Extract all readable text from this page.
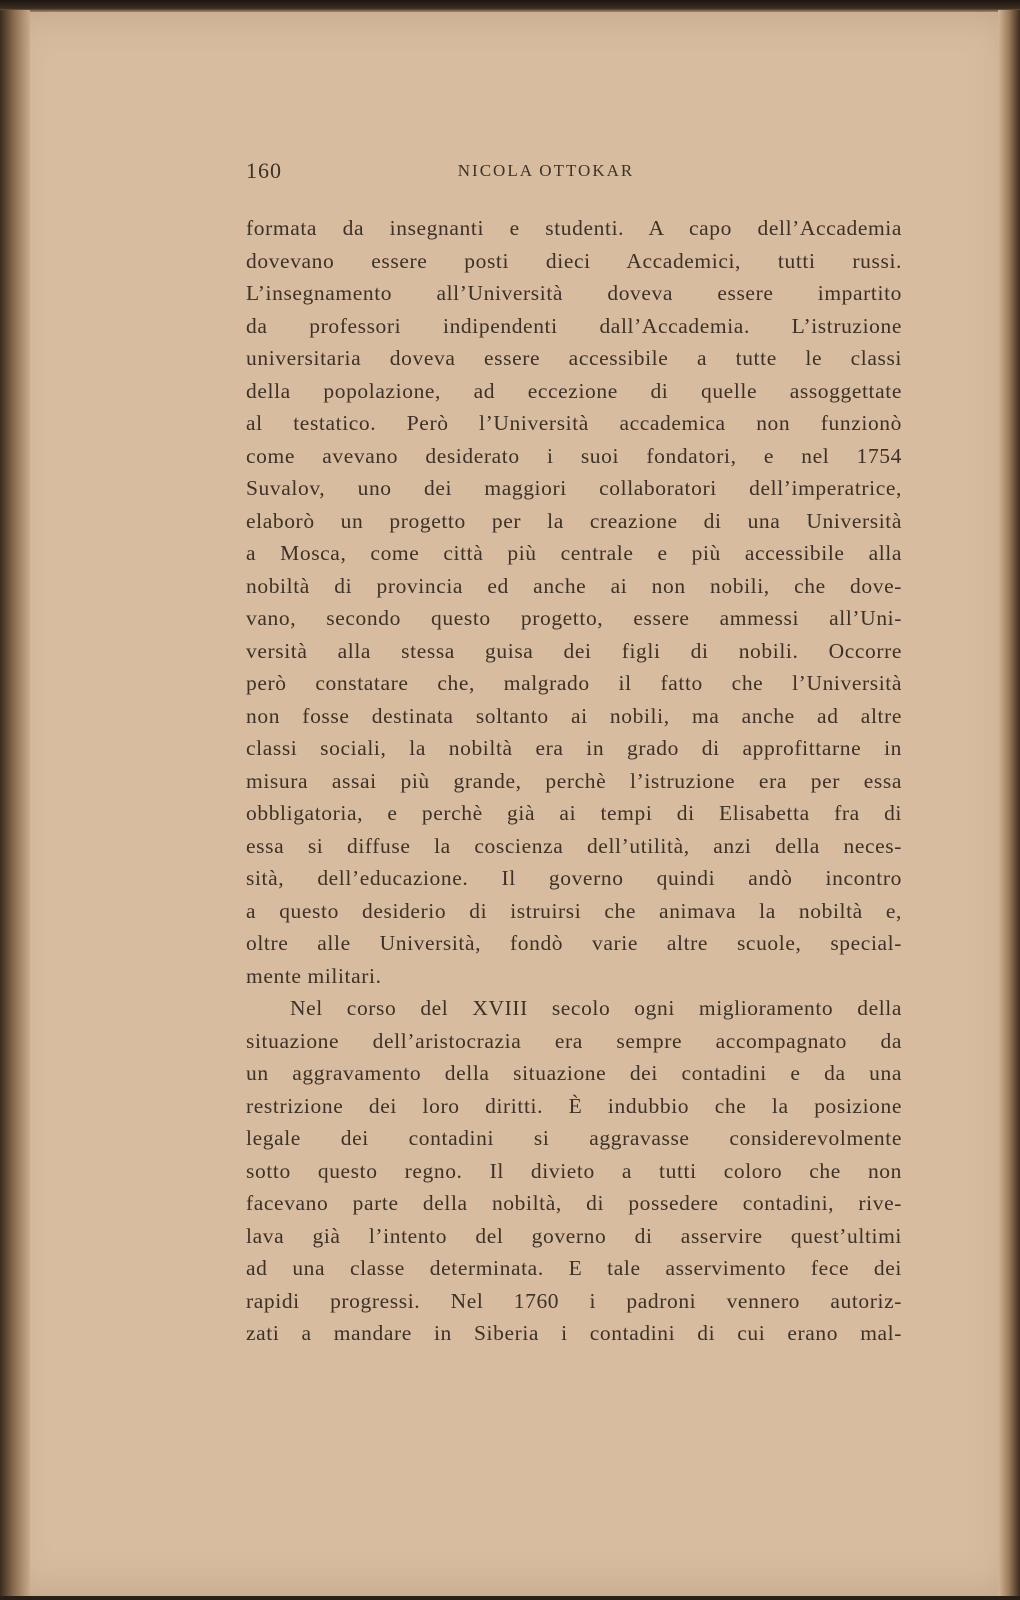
160	NICOLA OTTOKAR
formata da insegnanti e studenti. A capo dell’Accademia
dovevano essere posti dieci Accademici, tutti russi.
L’insegnamento all’Università doveva essere impartito
da professori indipendenti dall’Accademia. L’istruzione
universitaria doveva essere accessibile a tutte le classi
della popolazione, ad eccezione di quelle assoggettate
al testatico. Però l’Università accademica non funzionò
come avevano desiderato i suoi fondatori, e nel 1754
Suvalov, uno dei maggiori collaboratori dell’imperatrice,
elaborò un progetto per la creazione di una Università
a Mosca, come città più centrale e più accessibile alla
nobiltà di provincia ed anche ai non nobili, che dove-
vano, secondo questo progetto, essere ammessi all’Uni-
versità alla stessa guisa dei figli di nobili. Occorre
però constatare che, malgrado il fatto che l’Università
non fosse destinata soltanto ai nobili, ma anche ad altre
classi sociali, la nobiltà era in grado di approfittarne in
misura assai più grande, perchè l’istruzione era per essa
obbligatoria, e perchè già ai tempi di Elisabetta fra di
essa si diffuse la coscienza dell’utilità, anzi della neces-
sità, dell’educazione. Il governo quindi andò incontro
a questo desiderio di istruirsi che animava la nobiltà e,
oltre alle Università, fondò varie altre scuole, special-
mente militari.
Nel corso del XVIII secolo ogni miglioramento della
situazione dell’aristocrazia era sempre accompagnato da
un aggravamento della situazione dei contadini e da una
restrizione dei loro diritti. È indubbio che la posizione
legale dei contadini si aggravasse considerevolmente
sotto questo regno. Il divieto a tutti coloro che non
facevano parte della nobiltà, di possedere contadini, rive-
lava già l’intento del governo di asservire quest’ultimi
ad una classe determinata. E tale asservimento fece dei
rapidi progressi. Nel 1760 i padroni vennero autoriz-
zati a mandare in Siberia i contadini di cui erano mal-
